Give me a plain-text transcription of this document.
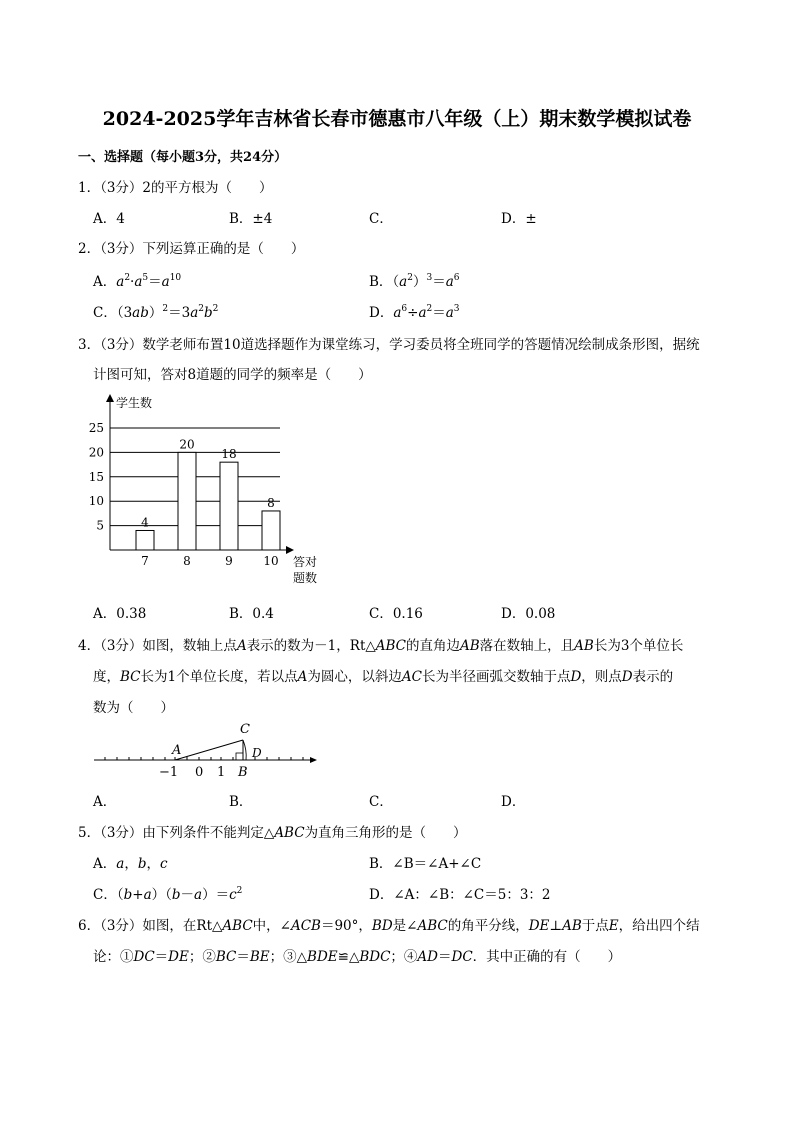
2024-2025学年吉林省长春市德惠市八年级（上）期末数学模拟试卷
一、选择题（每小题3分，共24分）
1．（3分）2的平方根为（　　）
A．4	B．±4	C．	D．±
2．（3分）下列运算正确的是（　　）
A．$a^2\cdot a^5=a^{10}$	B．$(a^2)^3=a^6$
C．$(3ab)^2=3a^2b^2$	D．$a^6\div a^2=a^3$
3．（3分）数学老师布置10道选择题作为课堂练习，学习委员将全班同学的答题情况绘制成条形图，据统
计图可知，答对8道题的同学的频率是（　　）
学生数
5
10
15
20
25
4
20
18
8
7	8	9	10 答对
题数
A．0.38	B．0.4	C．0.16	D．0.08
4．（3分）如图，数轴上点A表示的数为－1，Rt△ABC的直角边AB落在数轴上，且AB长为3个单位长
度，BC长为1个单位长度，若以点A为圆心，以斜边AC长为半径画弧交数轴于点D，则点D表示的
数为（　　）
A
C
D
B
−1 0 1
A．	B．	C．	D．
5．（3分）由下列条件不能判定△ABC为直角三角形的是（　　）
A．a，b，c	B．∠B＝∠A+∠C
C．$(b+a)(b-a)=c^2$	D．∠A：∠B：∠C＝5：3：2
6．（3分）如图，在Rt△ABC中，∠ACB＝90°，BD是∠ABC的角平分线，DE⊥AB于点E，给出四个结
论：①DC＝DE；②BC＝BE；③△BDE≌△BDC；④AD＝DC．其中正确的有（　　）
